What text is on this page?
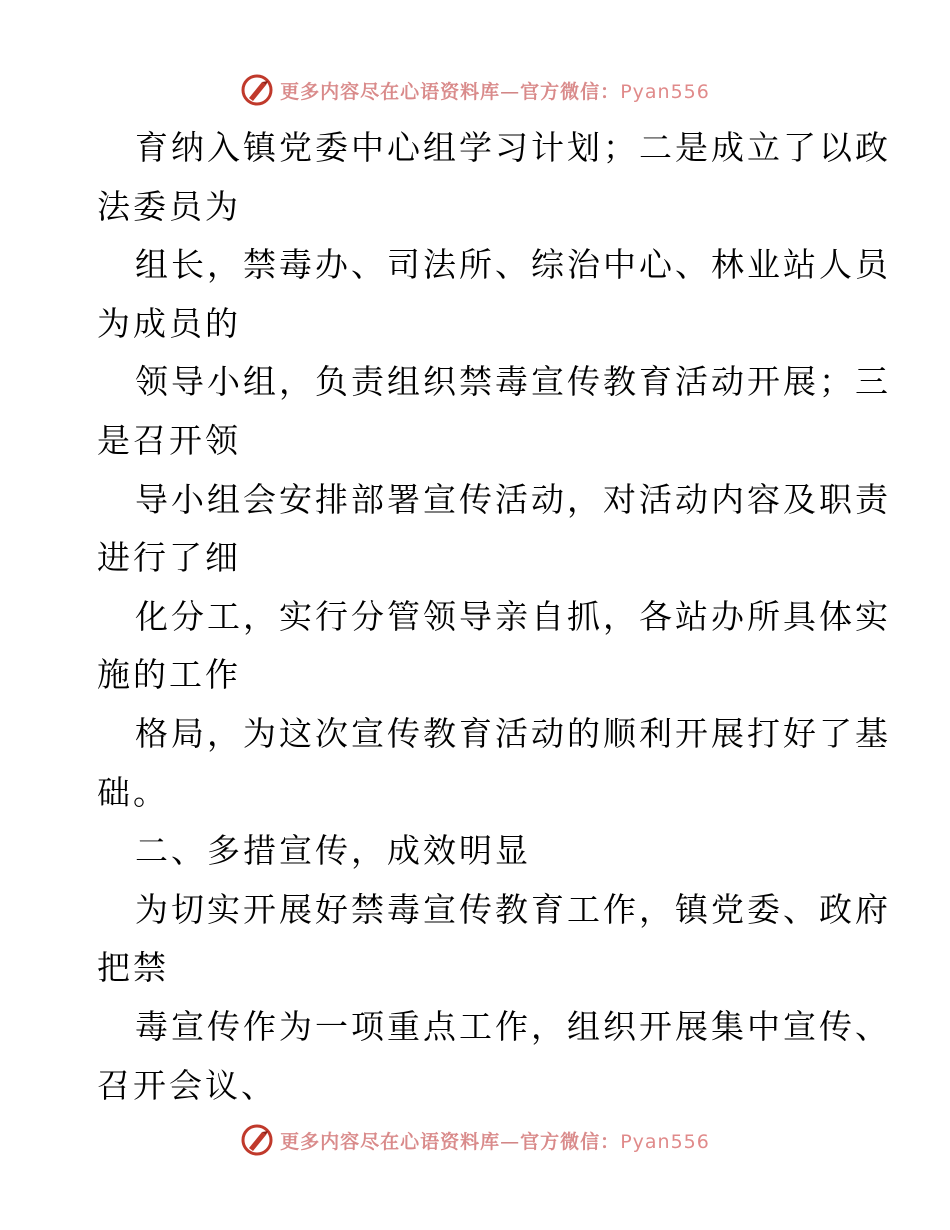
更多内容尽在心语资料库—官方微信：Pyan556
育纳入镇党委中心组学习计划；二是成立了以政
法委员为
组长，禁毒办、司法所、综治中心、林业站人员
为成员的
领导小组，负责组织禁毒宣传教育活动开展；三
是召开领
导小组会安排部署宣传活动，对活动内容及职责
进行了细
化分工，实行分管领导亲自抓，各站办所具体实
施的工作
格局，为这次宣传教育活动的顺利开展打好了基
础。
二、多措宣传，成效明显
为切实开展好禁毒宣传教育工作，镇党委、政府
把禁
毒宣传作为一项重点工作，组织开展集中宣传、
召开会议、
更多内容尽在心语资料库—官方微信：Pyan556
